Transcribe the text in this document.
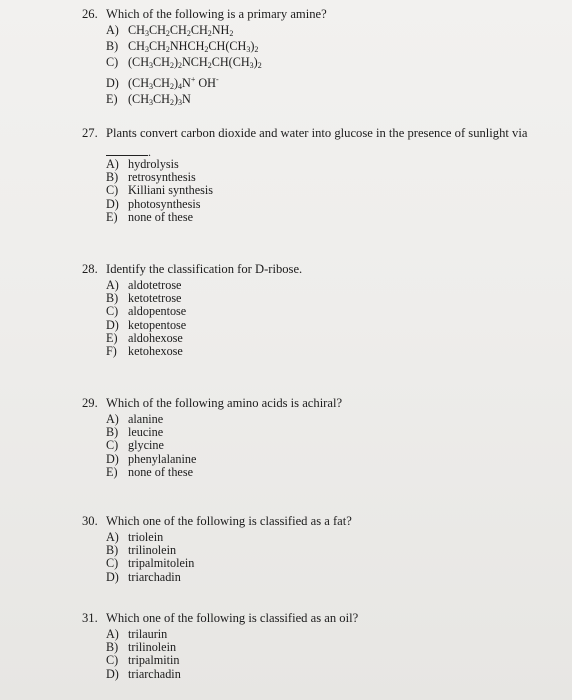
26. Which of the following is a primary amine?

A) $CH_3CH_2CH_2CH_2NH_2$
B) $CH_3CH_2NHCH_2CH(CH_3)_2$
C) $(CH_3CH_2)_2NCH_2CH(CH_3)_2$
D) $(CH_3CH_2)_4N^+$ OH-
E) $(CH_3CH_2)_3N$

27. Plants convert carbon dioxide and water into glucose in the presence of sunlight via

.
A) hydrolysis
B) retrosynthesis
C) Killiani synthesis
D) photosynthesis
E) none of these

28. Identify the classification for D-ribose.

A) aldotetrose
B) ketotetrose
C) aldopentose
D) ketopentose
E) aldohexose
F) ketohexose

29. Which of the following amino acids is achiral?

A) alanine
B) leucine
C) glycine
D) phenylalanine
E) none of these

30. Which one of the following is classified as a fat?

A) triolein
B) trilinolein
C) tripalmitolein
D) triarchadin

31. Which one of the following is classified as an oil?

A) trilaurin
B) trilinolein
C) tripalmitin
D) triarchadin
